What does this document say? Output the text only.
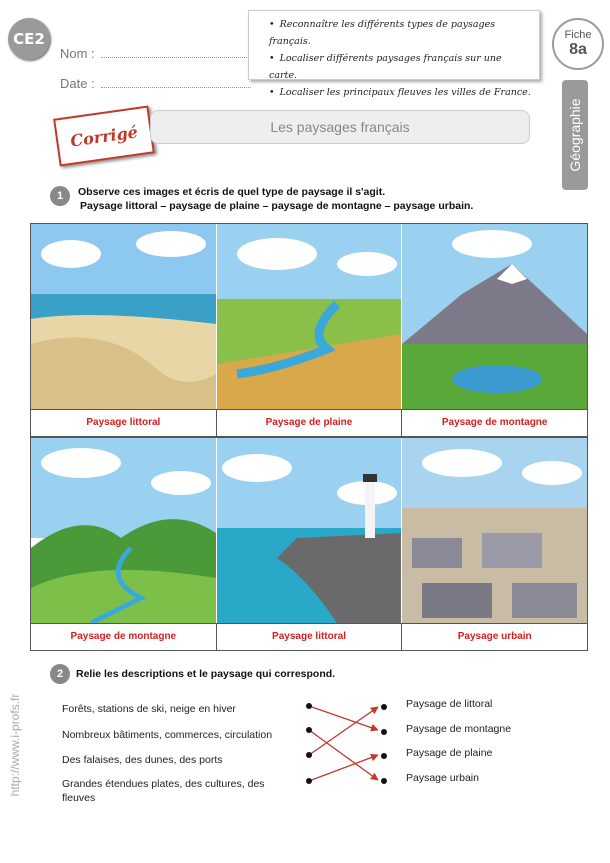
CE2
Nom :
Date :
• Reconnaître les différents types de paysages français.
• Localiser différents paysages français sur une carte.
• Localiser les principaux fleuves les villes de France.
Fiche
8a
Géographie
Corrigé	Les paysages français
1	Observe ces images et écris de quel type de paysage il s'agit.
Paysage littoral – paysage de plaine – paysage de montagne – paysage urbain.
Paysage littoral	Paysage de plaine	Paysage de montagne
Paysage de montagne	Paysage littoral	Paysage urbain
2	Relie les descriptions et le paysage qui correspond.
Forêts, stations de ski, neige en hiver
Nombreux bâtiments, commerces, circulation
Des falaises, des dunes, des ports
Grandes étendues plates, des cultures, des fleuves
Paysage de littoral
Paysage de montagne
Paysage de plaine
Paysage urbain
http://www.i-profs.fr
